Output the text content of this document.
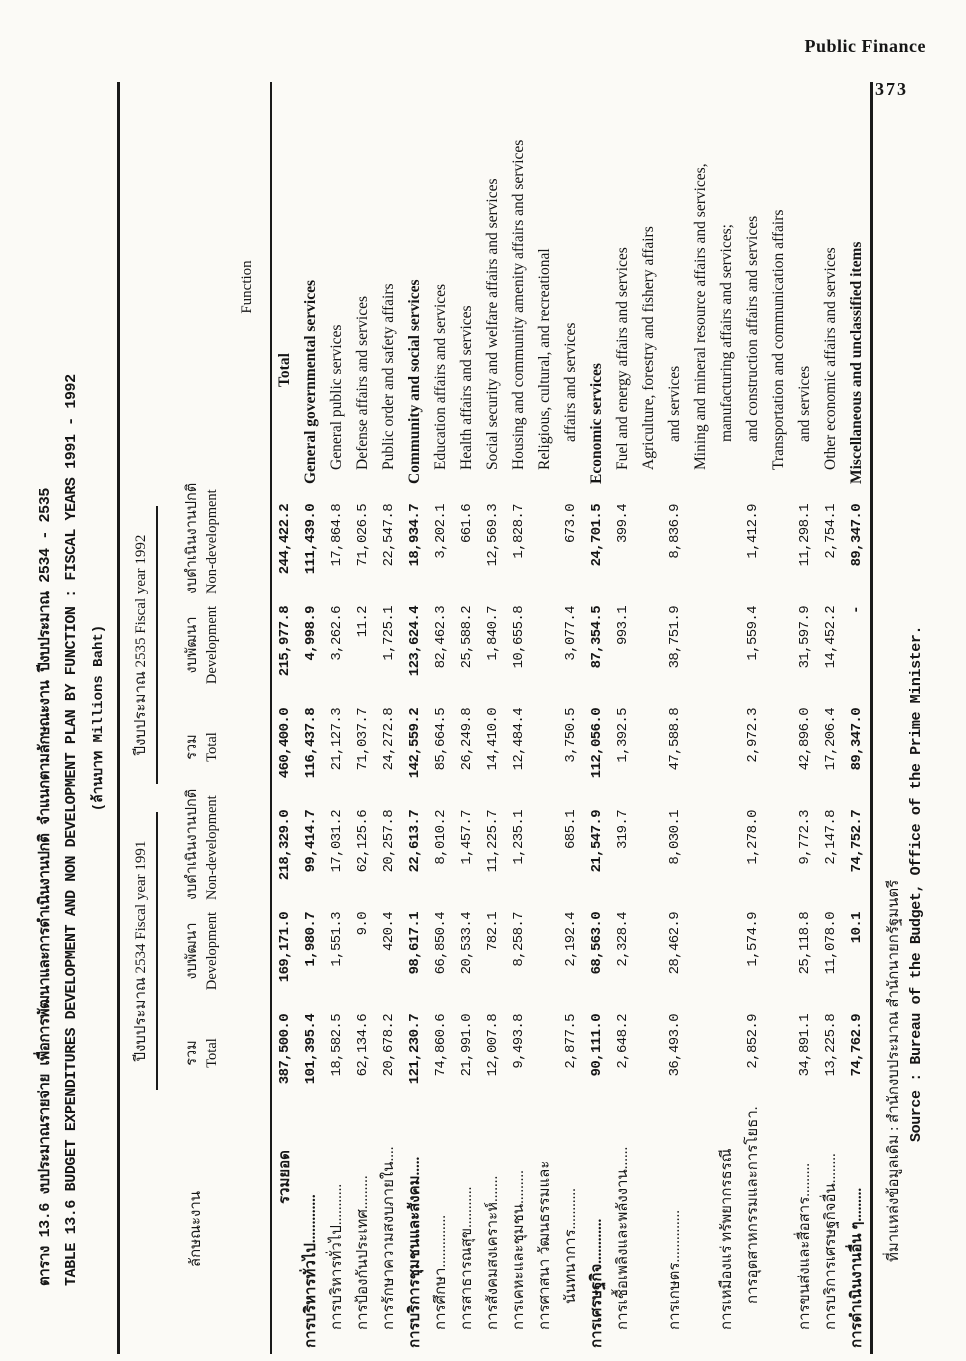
Public Finance
373
ตาราง 13.6 งบประมาณรายจ่าย เพื่อการพัฒนาและการดำเนินงานปกติ จำแนกตามลักษณะงาน ปีงบประมาณ 2534 - 2535 TABLE 13.6 BUDGET EXPENDITURES DEVELOPMENT AND NON DEVELOPMENT PLAN BY FUNCTION : FISCAL YEARS 1991 - 1992 (ล้านบาท Millions Baht)
ลักษณะงาน
ปีงบประมาณ 2534 Fiscal year 1991 รวม Total
งบพัฒนา Development
งบดำเนินงานปกติ Non-development
ปีงบประมาณ 2535 Fiscal year 1992 รวม Total
งบพัฒนา Development
งบดำเนินงานปกติ Non-development
Function
รวมยอด
387,500.0
169,171.0
218,329.0
460,400.0
215,977.8
244,422.2
Total
การบริหารทั่วไป.............
101,395.4
1,980.7
99,414.7
116,437.8
4,998.9
111,439.0
General governmental services
การบริหารทั่วไป...........
18,582.5
1,551.3
17,031.2
21,127.3
3,262.6
17,864.8
General public services
การป้องกันประเทศ.........
62,134.6
9.0
62,125.6
71,037.7
11.2
71,026.5
Defense affairs and services
การรักษาความสงบภายใน....
20,678.2
420.4
20,257.8
24,272.8
1,725.1
22,547.8
Public order and safety affairs
การบริการชุมชนและสังคม.....
121,230.7
98,617.1
22,613.7
142,559.2
123,624.4
18,934.7
Community and social services
การศึกษา..............
74,860.6
66,850.4
8,010.2
85,664.5
82,462.3
3,202.1
Education affairs and services
การสาธารณสุข...........
21,991.0
20,533.4
1,457.7
26,249.8
25,588.2
661.6
Health affairs and services
การสังคมสงเคราะห์.......
12,007.8
782.1
11,225.7
14,410.0
1,840.7
12,569.3
Social security and welfare affairs and services
การเคหะและชุมชน.........
9,493.8
8,258.7
1,235.1
12,484.4
10,655.8
1,828.7
Housing and community amenity affairs and services
การศาสนา วัฒนธรรมและ นันทนาการ...........
2,877.5
2,192.4
685.1
3,750.5
3,077.4
673.0
Religious, cultural, and recreational affairs and services
การเศรษฐกิจ............
90,111.0
68,563.0
21,547.9
112,056.0
87,354.5
24,701.5
Economic services
การเชื้อเพลิงและพลังงาน......
2,648.2
2,328.4
319.7
1,392.5
993.1
399.4
Fuel and energy affairs and services
การเกษตร..............
36,493.0
28,462.9
8,030.1
47,588.8
38,751.9
8,836.9
Agriculture, forestry and fishery affairs and services
การเหมืองแร่ ทรัพยากรธรณี การอุตสาหกรรมและการโยธา.
2,852.9
1,574.9
1,278.0
2,972.3
1,559.4
1,412.9
Mining and mineral resource affairs and services, manufacturing affairs and services; and construction affairs and services
การขนส่งและสื่อสาร.........
34,891.1
25,118.8
9,772.3
42,896.0
31,597.9
11,298.1
Transportation and communication affairs and services
การบริการเศรษฐกิจอื่น........
13,225.8
11,078.0
2,147.8
17,206.4
14,452.2
2,754.1
Other economic affairs and services
การดำเนินงานอื่น ๆ.........
74,762.9
10.1
74,752.7
89,347.0
-
89,347.0
Miscellaneous and unclassified items
ที่มาแหล่งข้อมูลเดิม : สำนักงบประมาณ สำนักนายกรัฐมนตรี Source : Bureau of the Budget, Office of the Prime Minister.
